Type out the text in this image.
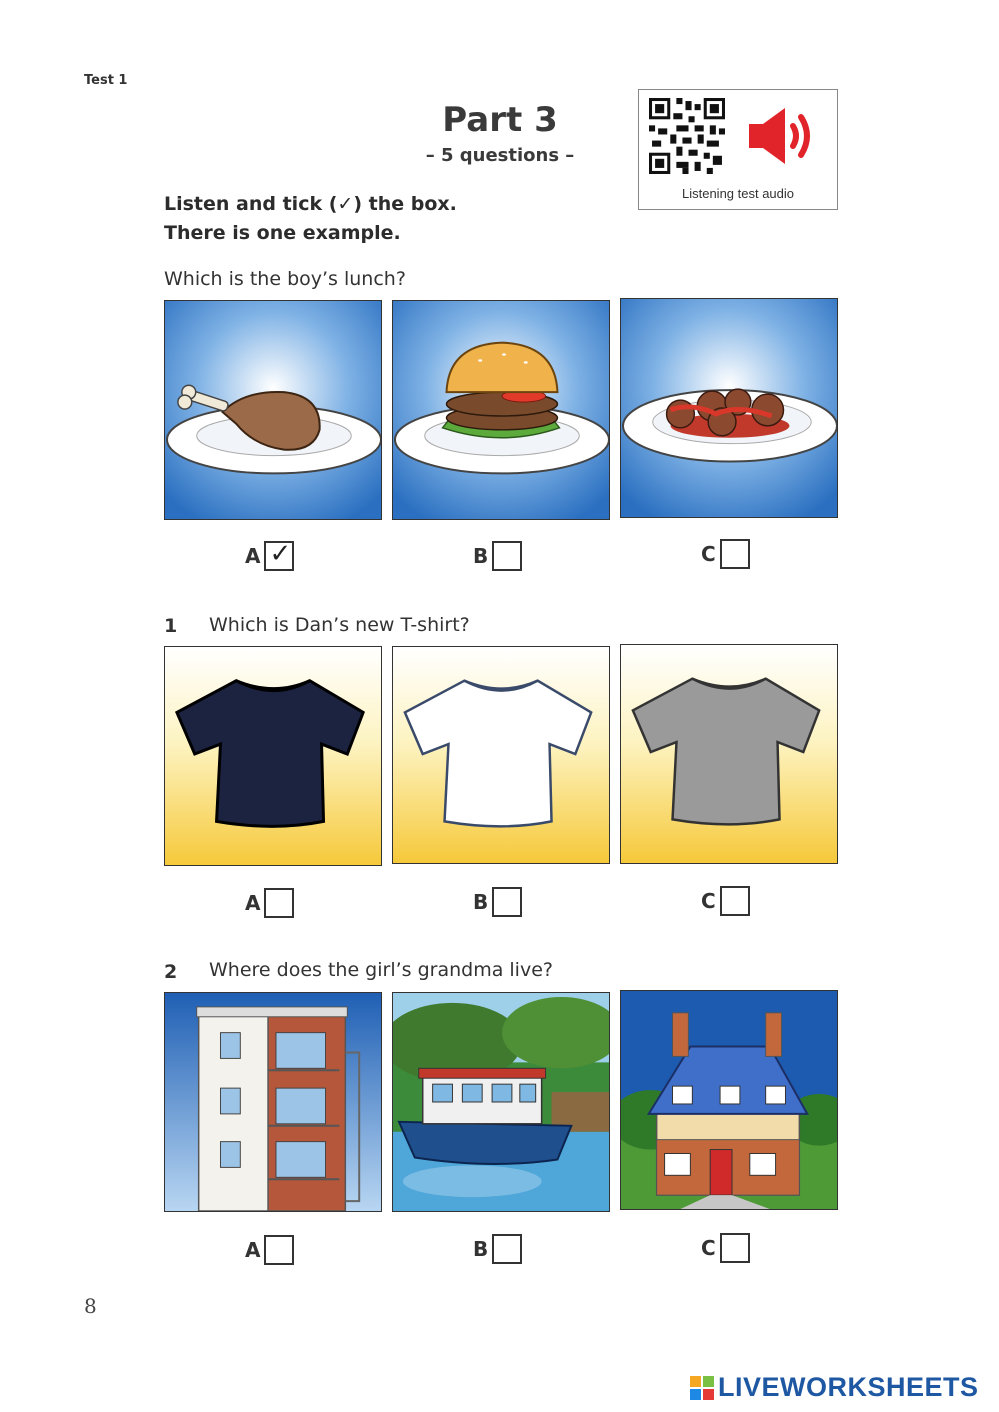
Test 1
Part 3
– 5 questions –
Listening test audio
Listen and tick (✓) the box.
There is one example.
Which is the boy’s lunch?
A ✓	B	C
1 Which is Dan’s new T-shirt?
A	B	C
2 Where does the girl’s grandma live?
A	B	C
8
LIVEWORKSHEETS
